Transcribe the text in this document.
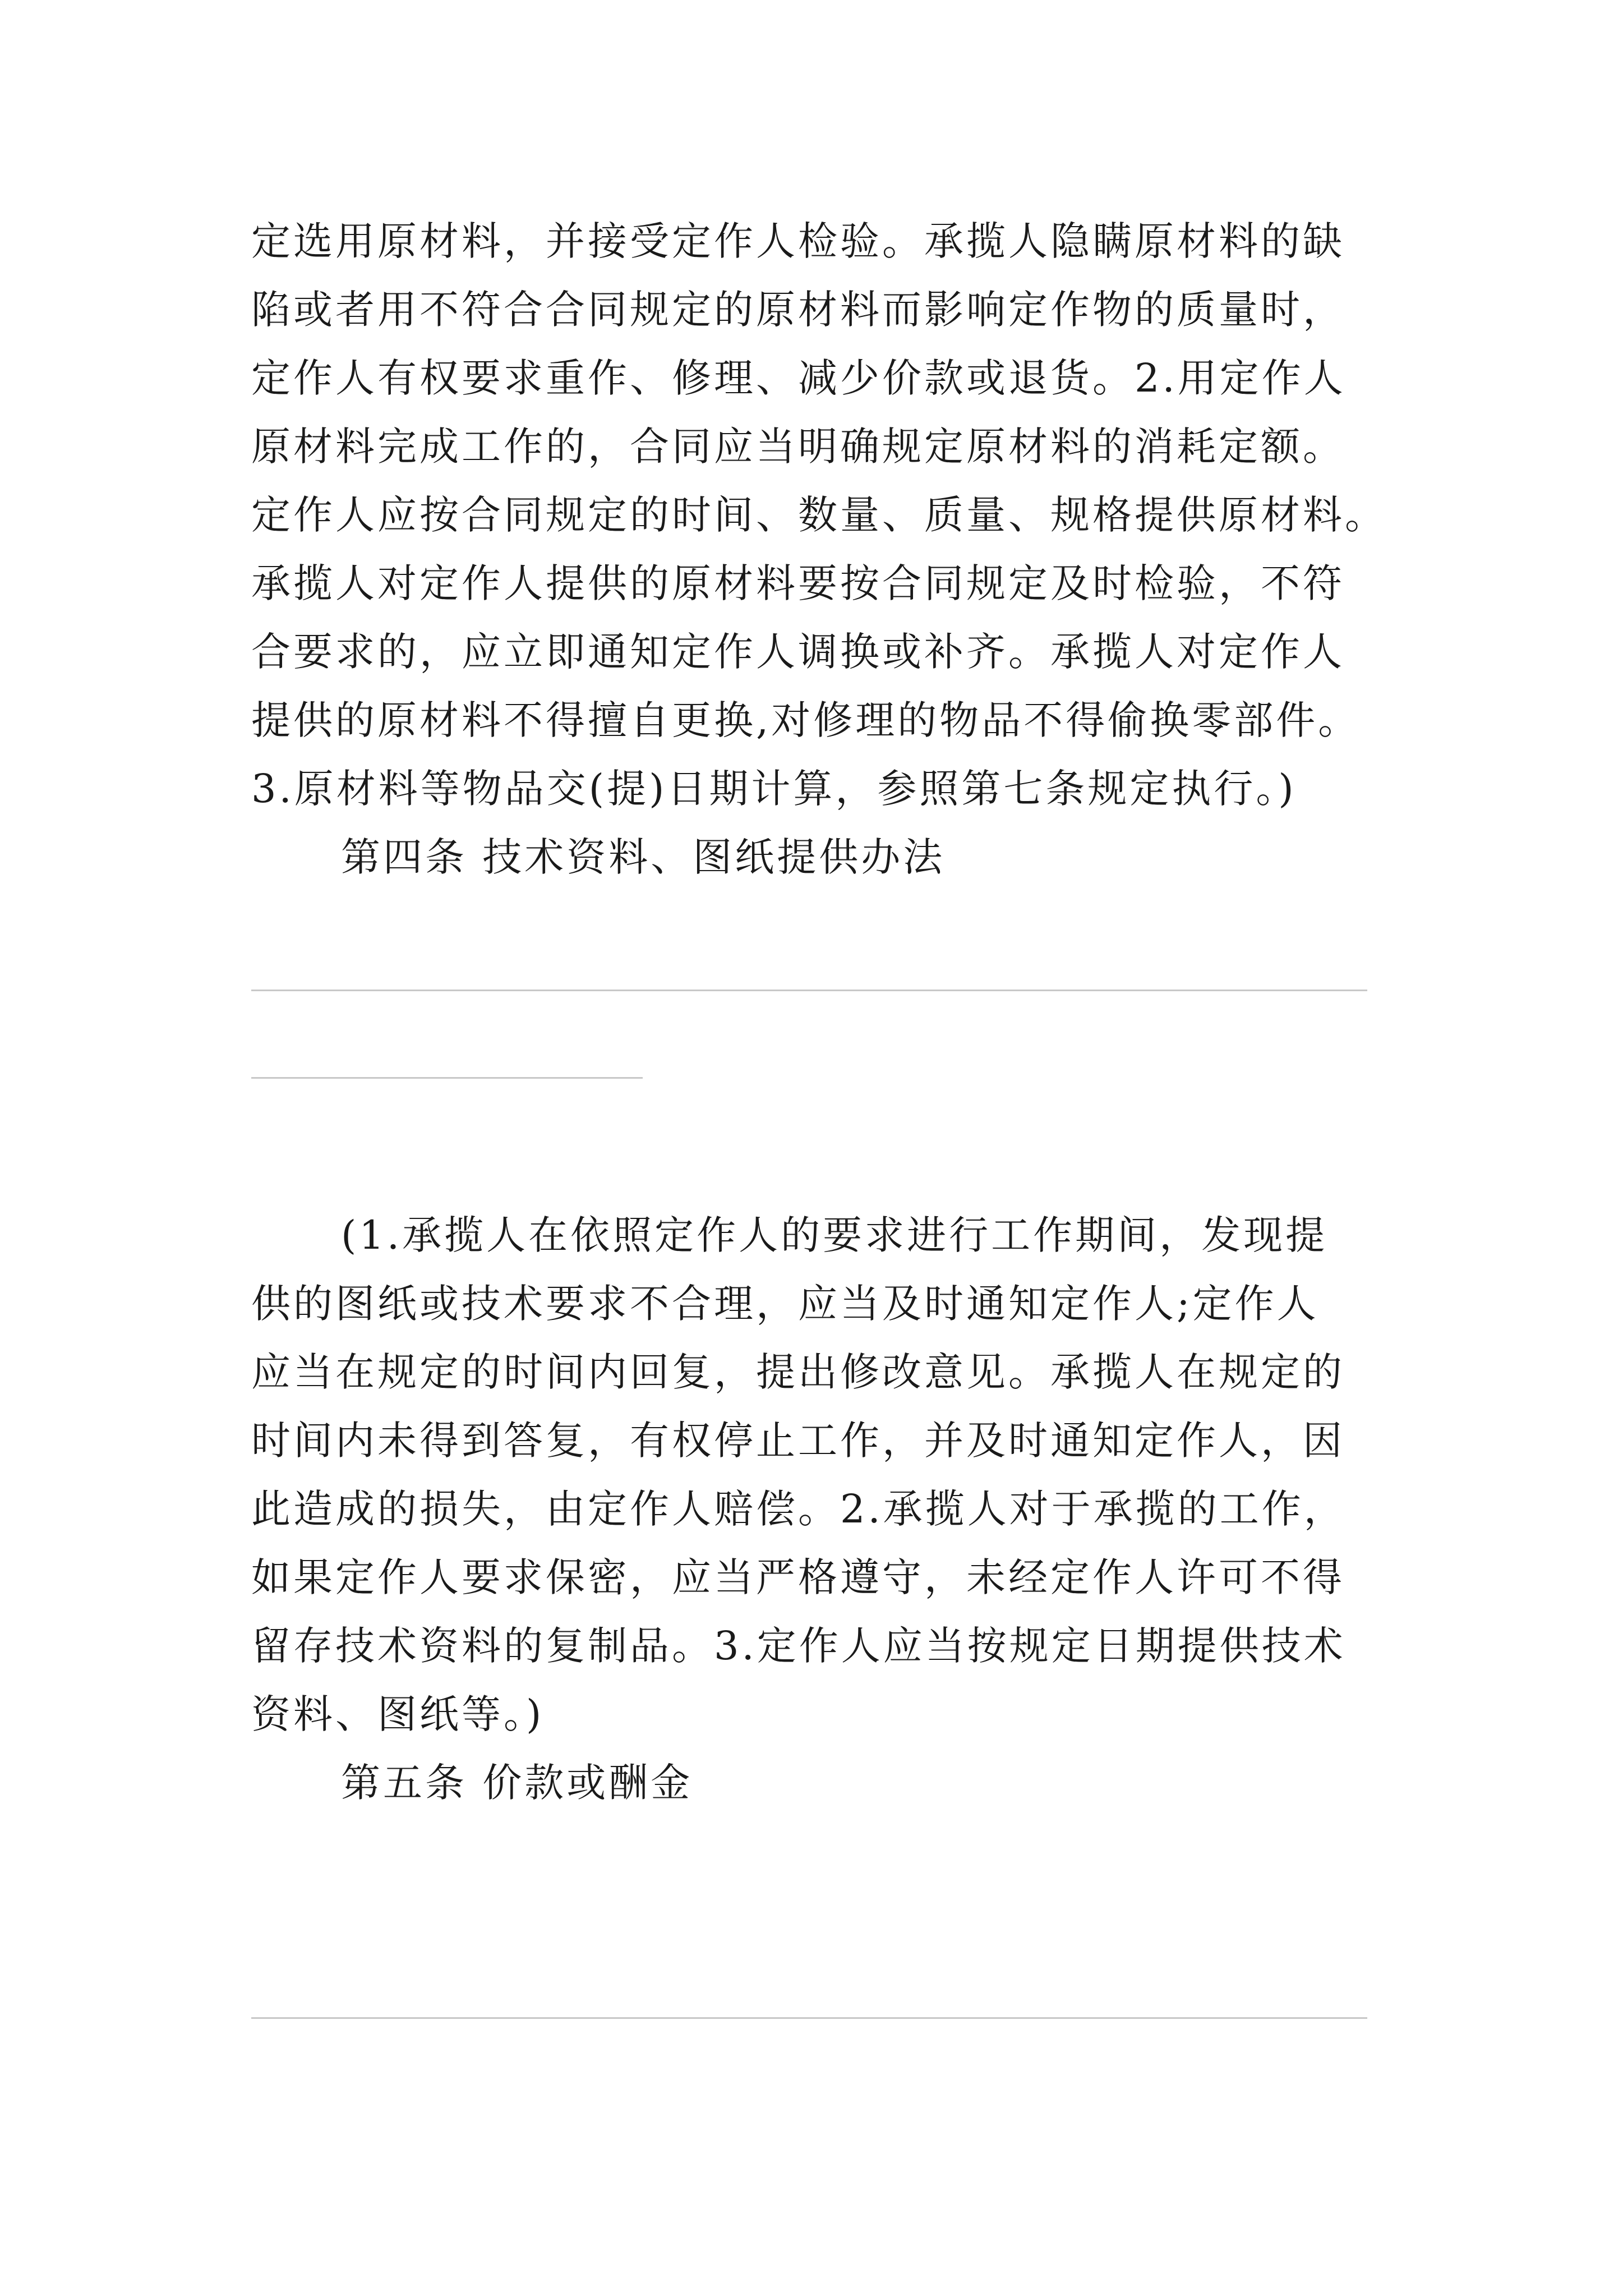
定选用原材料，并接受定作人检验。承揽人隐瞒原材料的缺
陷或者用不符合合同规定的原材料而影响定作物的质量时，
定作人有权要求重作、修理、减少价款或退货。2.用定作人
原材料完成工作的，合同应当明确规定原材料的消耗定额。
定作人应按合同规定的时间、数量、质量、规格提供原材料。
承揽人对定作人提供的原材料要按合同规定及时检验，不符
合要求的，应立即通知定作人调换或补齐。承揽人对定作人
提供的原材料不得擅自更换,对修理的物品不得偷换零部件。
3.原材料等物品交(提)日期计算，参照第七条规定执行。)
第四条 技术资料、图纸提供办法
(1.承揽人在依照定作人的要求进行工作期间，发现提
供的图纸或技术要求不合理，应当及时通知定作人;定作人
应当在规定的时间内回复，提出修改意见。承揽人在规定的
时间内未得到答复，有权停止工作，并及时通知定作人，因
此造成的损失，由定作人赔偿。2.承揽人对于承揽的工作，
如果定作人要求保密，应当严格遵守，未经定作人许可不得
留存技术资料的复制品。3.定作人应当按规定日期提供技术
资料、图纸等。)
第五条 价款或酬金
